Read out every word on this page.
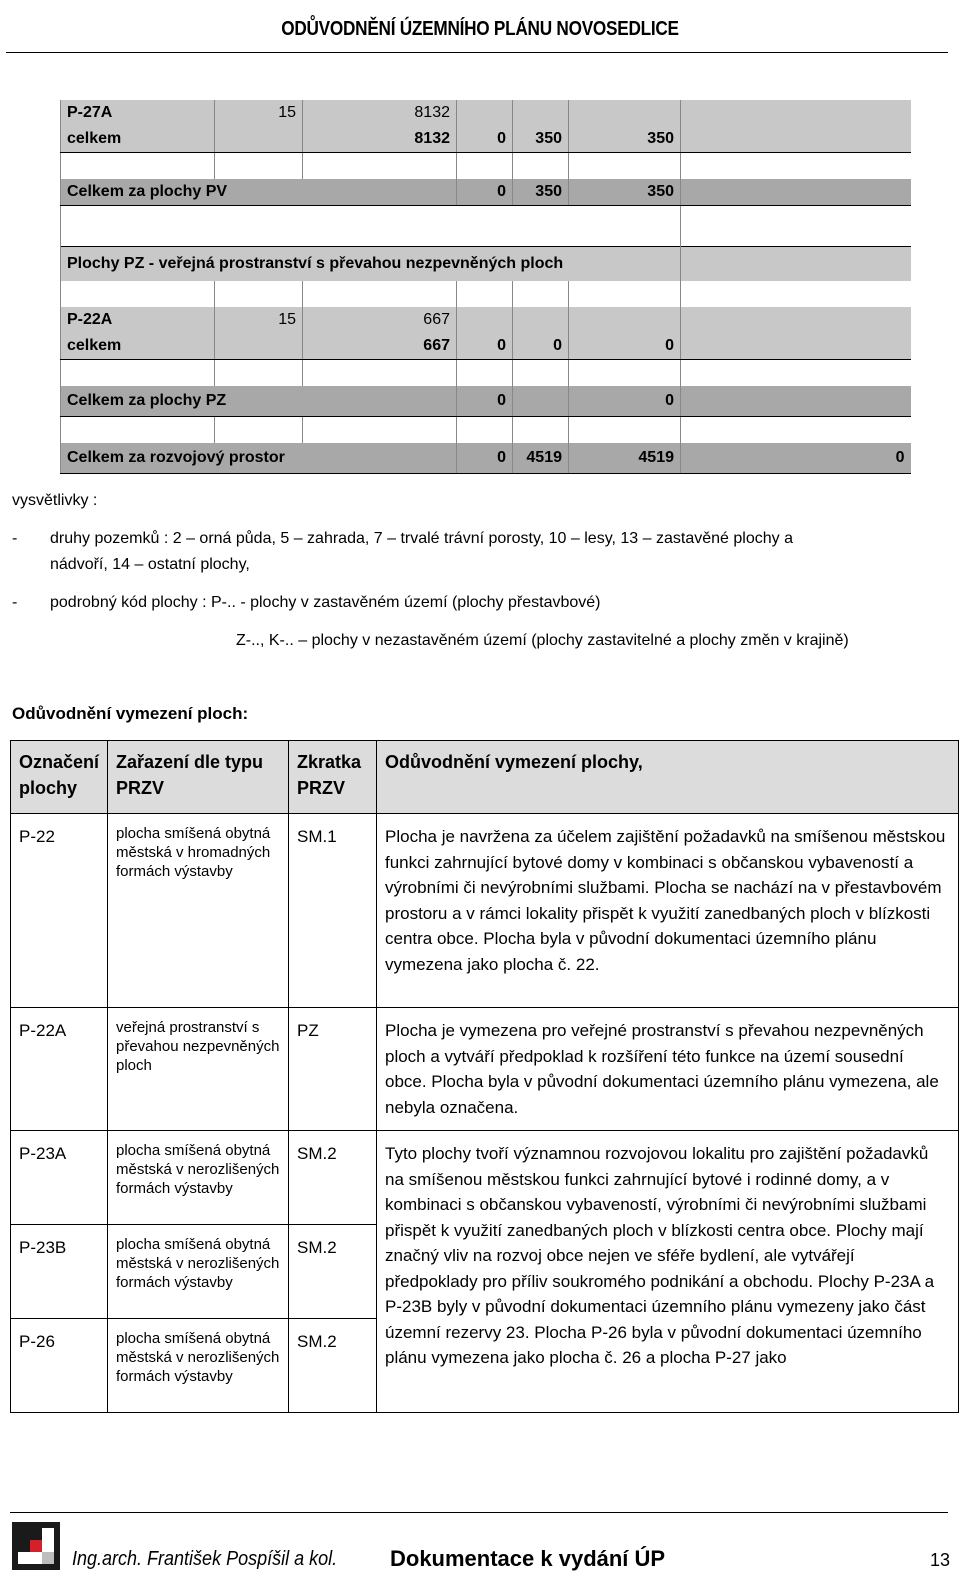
ODŮVODNĚNÍ ÚZEMNÍHO PLÁNU NOVOSEDLICE
P-27A	15	8132				
celkem		8132	0	350	350	

Celkem za plochy PV			0	350	350	

Plochy PZ - veřejná prostranství s převahou nezpevněných ploch						

P-22A	15	667				
celkem		667	0	0	0	

Celkem za plochy PZ			0		0	

Celkem za rozvojový prostor			0	4519	4519	0
vysvětlivky :
- druhy pozemků : 2 – orná půda, 5 – zahrada, 7 – trvalé trávní porosty, 10 – lesy, 13 – zastavěné plochy a
nádvoří, 14 – ostatní plochy,
- podrobný kód plochy : P-.. - plochy v zastavěném území (plochy přestavbové)
Z-.., K-.. – plochy v nezastavěném území (plochy zastavitelné a plochy změn v krajině)
Odůvodnění vymezení ploch:
Označení plochy	Zařazení dle typu PRZV	Zkratka PRZV	Odůvodnění vymezení plochy,
P-22	plocha smíšená obytná městská v hromadných formách výstavby	SM.1	Plocha je navržena za účelem zajištění požadavků na smíšenou městskou funkci zahrnující bytové domy v kombinaci s občanskou vybaveností a výrobními či nevýrobními službami. Plocha se nachází na v přestavbovém prostoru a v rámci lokality přispět k využití zanedbaných ploch v blízkosti centra obce. Plocha byla v původní dokumentaci územního plánu vymezena jako plocha č. 22.
P-22A	veřejná prostranství s převahou nezpevněných ploch	PZ	Plocha je vymezena pro veřejné prostranství s převahou nezpevněných ploch a vytváří předpoklad k rozšíření této funkce na území sousední obce. Plocha byla v původní dokumentaci územního plánu vymezena, ale nebyla označena.
P-23A	plocha smíšená obytná městská v nerozlišených formách výstavby	SM.2	Tyto plochy tvoří významnou rozvojovou lokalitu pro zajištění požadavků na smíšenou městskou funkci zahrnující bytové i rodinné domy, a v kombinaci s občanskou vybaveností, výrobními či nevýrobními službami přispět k využití zanedbaných ploch v blízkosti centra obce. Plochy mají značný vliv na rozvoj obce nejen ve sféře bydlení, ale vytvářejí předpoklady pro příliv soukromého podnikání a obchodu. Plochy P-23A a P-23B byly v původní dokumentaci územního plánu vymezeny jako část územní rezervy 23. Plocha P-26 byla v původní dokumentaci územního plánu vymezena jako plocha č. 26 a plocha P-27 jako
P-23B	plocha smíšená obytná městská v nerozlišených formách výstavby	SM.2	
P-26	plocha smíšená obytná městská v nerozlišených formách výstavby	SM.2	
Ing.arch. František Pospíšil a kol. Dokumentace k vydání ÚP	13
